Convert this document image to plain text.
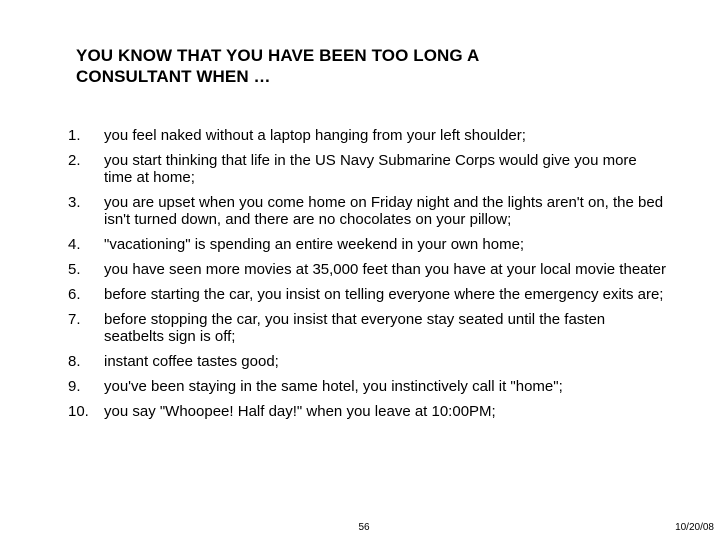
YOU KNOW THAT YOU HAVE BEEN TOO LONG A
CONSULTANT WHEN …
1.	you feel naked without a laptop hanging from your left shoulder;
2.	you start thinking that life in the US Navy Submarine Corps would give you more time at home;
3.	you are upset when you come home on Friday night and the lights aren't on, the bed isn't turned down, and there are no chocolates on your pillow;
4.	"vacationing" is spending an entire weekend in your own home;
5.	you have seen more movies at 35,000 feet than you have at your local movie theater
6.	before starting the car, you insist on telling everyone where the emergency exits are;
7.	before stopping the car, you insist that everyone stay seated until the fasten seatbelts sign is off;
8.	instant coffee tastes good;
9.	you've been staying in the same hotel, you instinctively call it "home";
10.	you say "Whoopee! Half day!" when you leave at 10:00PM;
56	10/20/08
